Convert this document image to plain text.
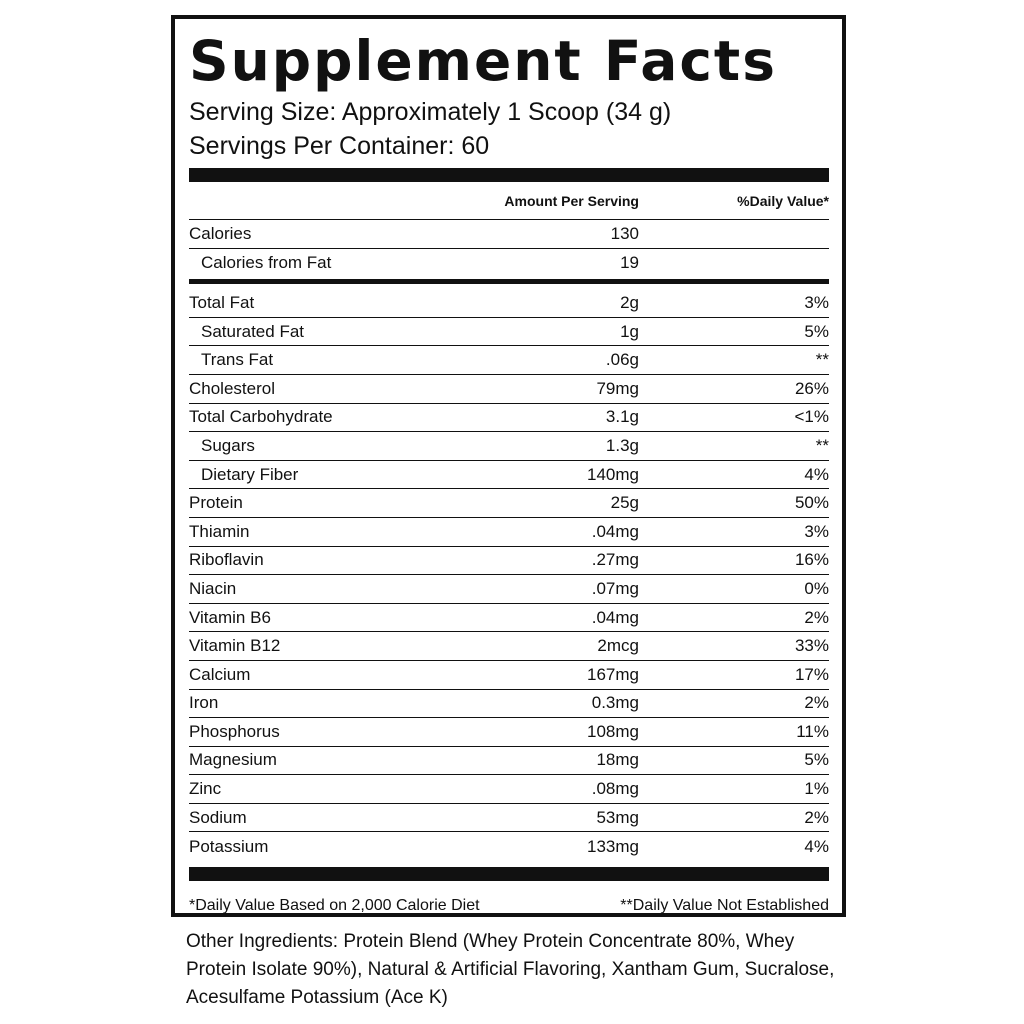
Supplement Facts
Serving Size: Approximately 1 Scoop (34 g)
Servings Per Container: 60
Amount Per Serving	%Daily Value*
Calories	130
Calories from Fat	19
Total Fat	2g	3%
Saturated Fat	1g	5%
Trans Fat	.06g	**
Cholesterol	79mg	26%
Total Carbohydrate	3.1g	<1%
Sugars	1.3g	**
Dietary Fiber	140mg	4%
Protein	25g	50%
Thiamin	.04mg	3%
Riboflavin	.27mg	16%
Niacin	.07mg	0%
Vitamin B6	.04mg	2%
Vitamin B12	2mcg	33%
Calcium	167mg	17%
Iron	0.3mg	2%
Phosphorus	108mg	11%
Magnesium	18mg	5%
Zinc	.08mg	1%
Sodium	53mg	2%
Potassium	133mg	4%
*Daily Value Based on 2,000 Calorie Diet	**Daily Value Not Established

Other Ingredients: Protein Blend (Whey Protein Concentrate 80%, Whey Protein Isolate 90%), Natural & Artificial Flavoring, Xantham Gum, Sucralose, Acesulfame Potassium (Ace K)
